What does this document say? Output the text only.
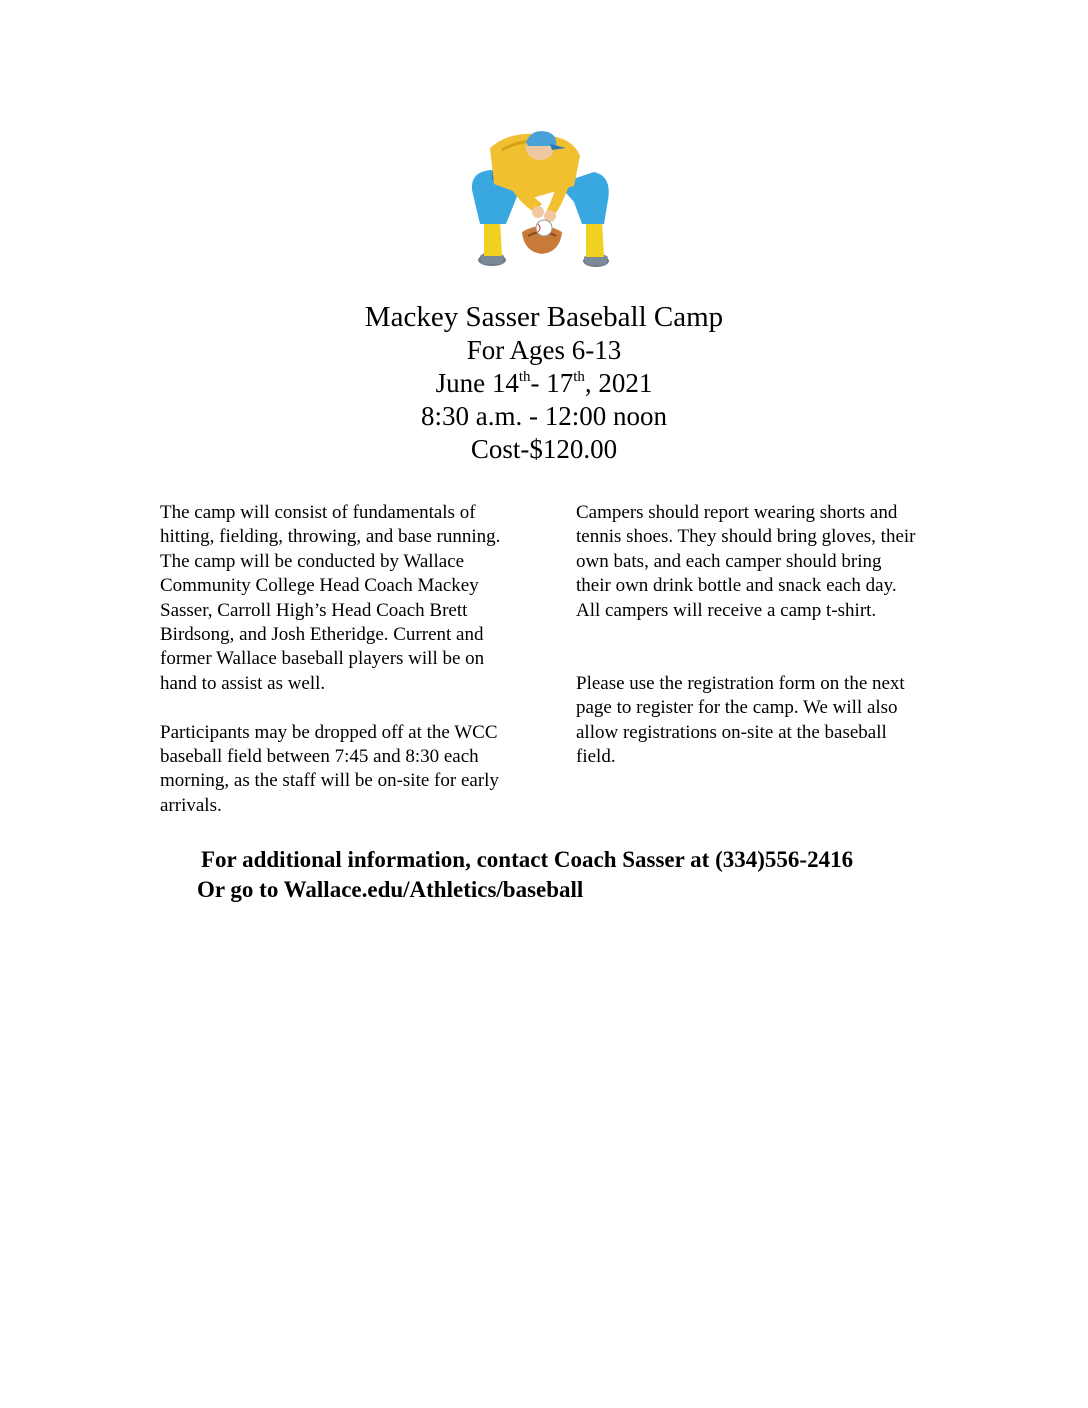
Mackey Sasser Baseball Camp
For Ages 6-13
June 14th- 17th, 2021
8:30 a.m. - 12:00 noon
Cost-$120.00

The camp will consist of fundamentals of

hitting, fielding, throwing, and base running.

The camp will be conducted by Wallace

Community College Head Coach Mackey

Sasser, Carroll High’s Head Coach Brett

Birdsong, and Josh Etheridge. Current and

former Wallace baseball players will be on

hand to assist as well.

Participants may be dropped off at the WCC

baseball field between 7:45 and 8:30 each

morning, as the staff will be on-site for early

arrivals.

Campers should report wearing shorts and

tennis shoes. They should bring gloves, their

own bats, and each camper should bring

their own drink bottle and snack each day.

All campers will receive a camp t-shirt.

Please use the registration form on the next

page to register for the camp. We will also

allow registrations on-site at the baseball

field.

For additional information, contact Coach Sasser at (334)556-2416
Or go to Wallace.edu/Athletics/baseball
